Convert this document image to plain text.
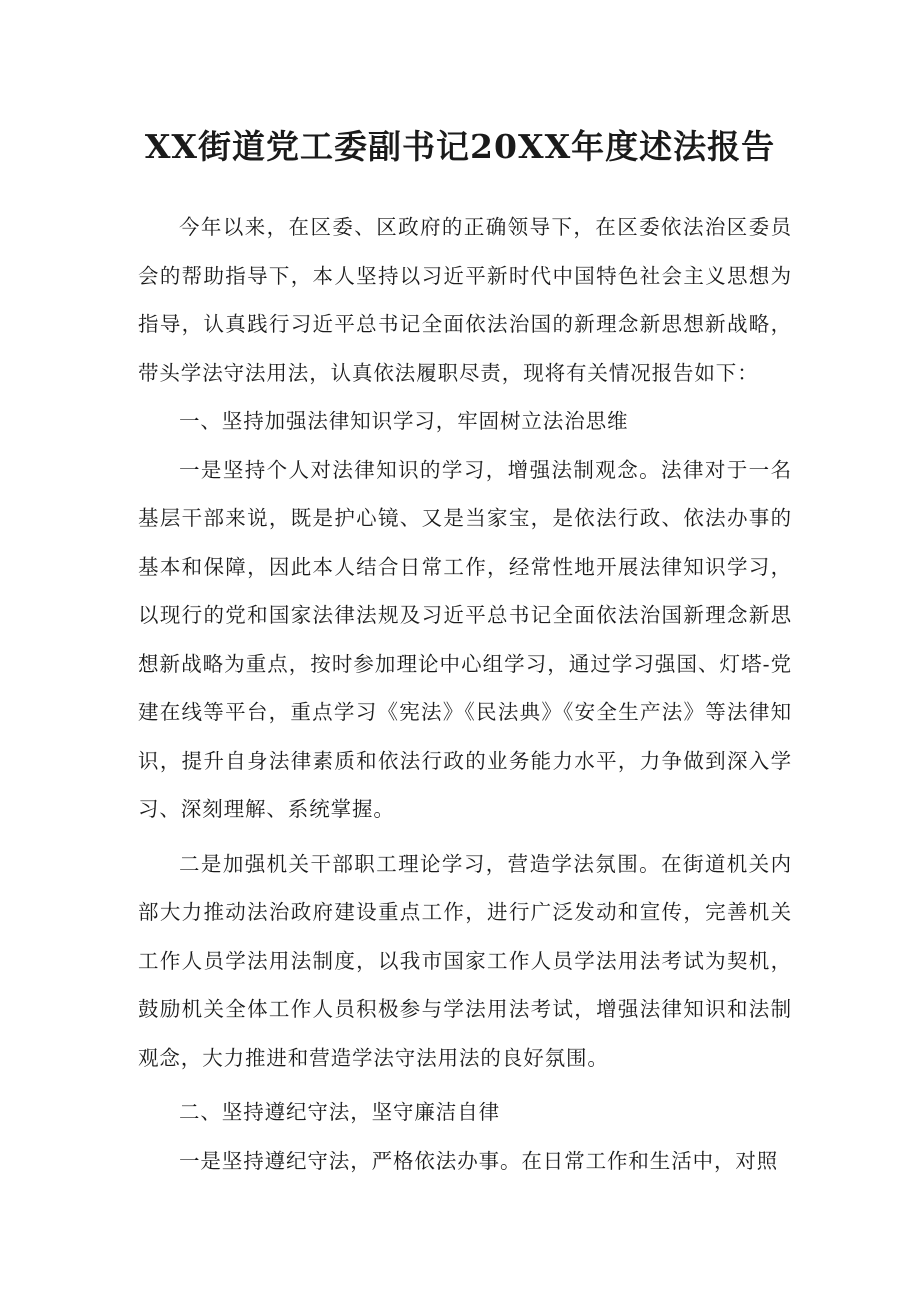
XX街道党工委副书记20XX年度述法报告

今年以来，在区委、区政府的正确领导下，在区委依法治区委员会的帮助指导下，本人坚持以习近平新时代中国特色社会主义思想为指导，认真践行习近平总书记全面依法治国的新理念新思想新战略，带头学法守法用法，认真依法履职尽责，现将有关情况报告如下：

一、坚持加强法律知识学习，牢固树立法治思维

一是坚持个人对法律知识的学习，增强法制观念。法律对于一名基层干部来说，既是护心镜、又是当家宝，是依法行政、依法办事的基本和保障，因此本人结合日常工作，经常性地开展法律知识学习，以现行的党和国家法律法规及习近平总书记全面依法治国新理念新思想新战略为重点，按时参加理论中心组学习，通过学习强国、灯塔-党建在线等平台，重点学习《宪法》《民法典》《安全生产法》等法律知识，提升自身法律素质和依法行政的业务能力水平，力争做到深入学习、深刻理解、系统掌握。

二是加强机关干部职工理论学习，营造学法氛围。在街道机关内部大力推动法治政府建设重点工作，进行广泛发动和宣传，完善机关工作人员学法用法制度，以我市国家工作人员学法用法考试为契机，鼓励机关全体工作人员积极参与学法用法考试，增强法律知识和法制观念，大力推进和营造学法守法用法的良好氛围。

二、坚持遵纪守法，坚守廉洁自律

一是坚持遵纪守法，严格依法办事。在日常工作和生活中，对照
